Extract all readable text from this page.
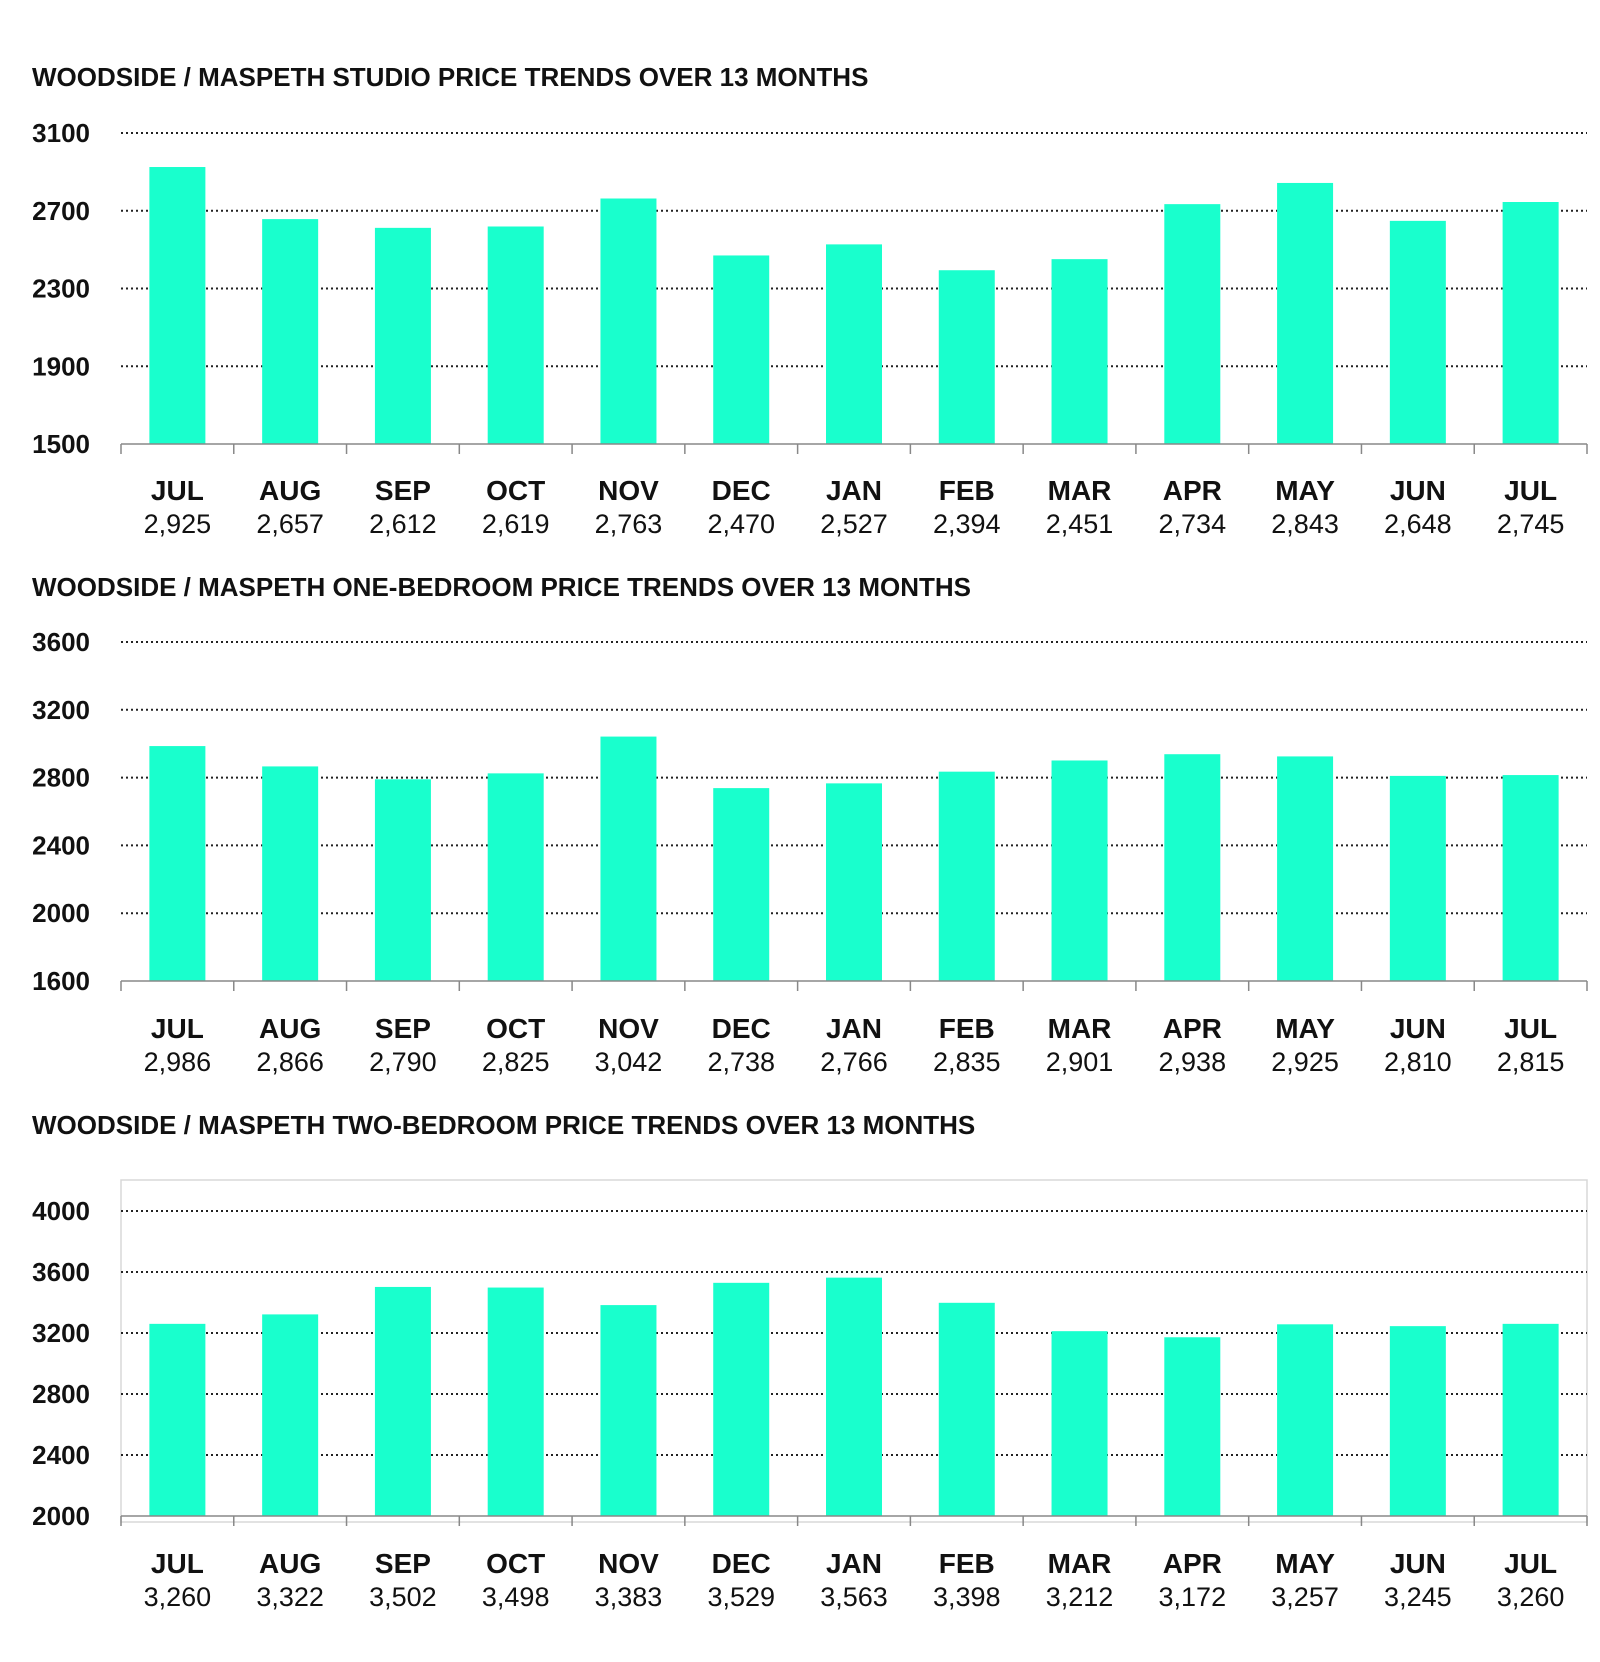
WOODSIDE / MASPETH STUDIO PRICE TRENDS OVER 13 MONTHS
3100
2700
2300
1900
1500
JUL
2,925
AUG
2,657
SEP
2,612
OCT
2,619
NOV
2,763
DEC
2,470
JAN
2,527
FEB
2,394
MAR
2,451
APR
2,734
MAY
2,843
JUN
2,648
JUL
2,745
WOODSIDE / MASPETH ONE-BEDROOM PRICE TRENDS OVER 13 MONTHS
3600
3200
2800
2400
2000
1600
JUL
2,986
AUG
2,866
SEP
2,790
OCT
2,825
NOV
3,042
DEC
2,738
JAN
2,766
FEB
2,835
MAR
2,901
APR
2,938
MAY
2,925
JUN
2,810
JUL
2,815
WOODSIDE / MASPETH TWO-BEDROOM PRICE TRENDS OVER 13 MONTHS
4000
3600
3200
2800
2400
2000
JUL
3,260
AUG
3,322
SEP
3,502
OCT
3,498
NOV
3,383
DEC
3,529
JAN
3,563
FEB
3,398
MAR
3,212
APR
3,172
MAY
3,257
JUN
3,245
JUL
3,260
